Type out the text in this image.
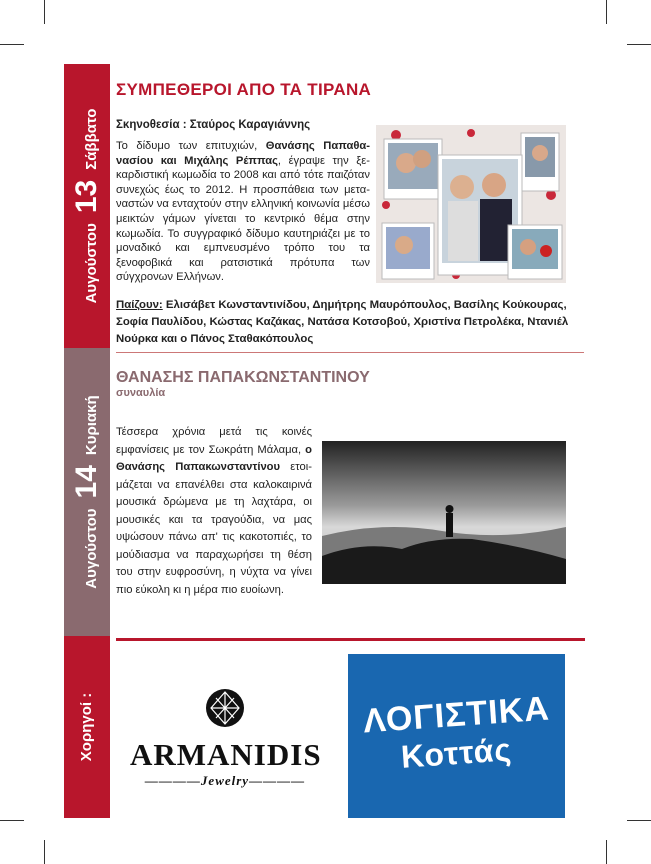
Αυγούστου13Σάββατο
Αυγούστου14Κυριακή
Χορηγοί :
ΣΥΜΠΕΘΕΡΟΙ ΑΠΟ ΤΑ ΤΙΡΑΝΑ
Σκηνοθεσία : Σταύρος Καραγιάννης
Το δίδυμο των επιτυχιών, Θανάσης Παπαθα-νασίου και Μιχάλης Ρέππας, έγραψε την ξε-καρδιστική κωμωδία το 2008 και από τότε παιζόταν συνεχώς έως το 2012. Η προσπάθεια των μετα-ναστών να ενταχτούν στην ελληνική κοινωνία μέσω μεικτών γάμων γίνεται το κεντρικό θέμα στην κωμωδία. Το συγγραφικό δίδυμο καυτηριάζει με το μοναδικό και εμπνευσμένο τρόπο του τα ξενοφοβικά και ρατσιστικά πρότυπα των σύγχρονων Ελλήνων.
Παίζουν: Ελισάβετ Κωνσταντινίδου, Δημήτρης Μαυρόπουλος, Βασίλης Κούκουρας, Σοφία Παυλίδου, Κώστας Καζάκας, Νατάσα Κοτσοβού, Χριστίνα Πετρολέκα, Ντανιέλ Νούρκα και ο Πάνος Σταθακόπουλος
ΘΑΝΑΣΗΣ ΠΑΠΑΚΩΝΣΤΑΝΤΙΝΟΥ
συναυλία
Τέσσερα χρόνια μετά τις κοινές εμφανίσεις με τον Σωκράτη Μάλαμα, ο Θανάσης Παπακωνσταντίνου ετοι-μάζεται να επανέλθει στα καλοκαιρινά μουσικά δρώμενα με τη λαχτάρα, οι μουσικές και τα τραγούδια, να μας υψώσουν πάνω απ' τις κακοτοπιές, το μούδιασμα να παραχωρήσει τη θέση του στην ευφροσύνη, η νύχτα να γίνει πιο εύκολη κι η μέρα πιο ευοίωνη.
ARMANIDIS
————Jewelry————
ΛΟΓΙΣΤΙΚΑ
Κοττάς
